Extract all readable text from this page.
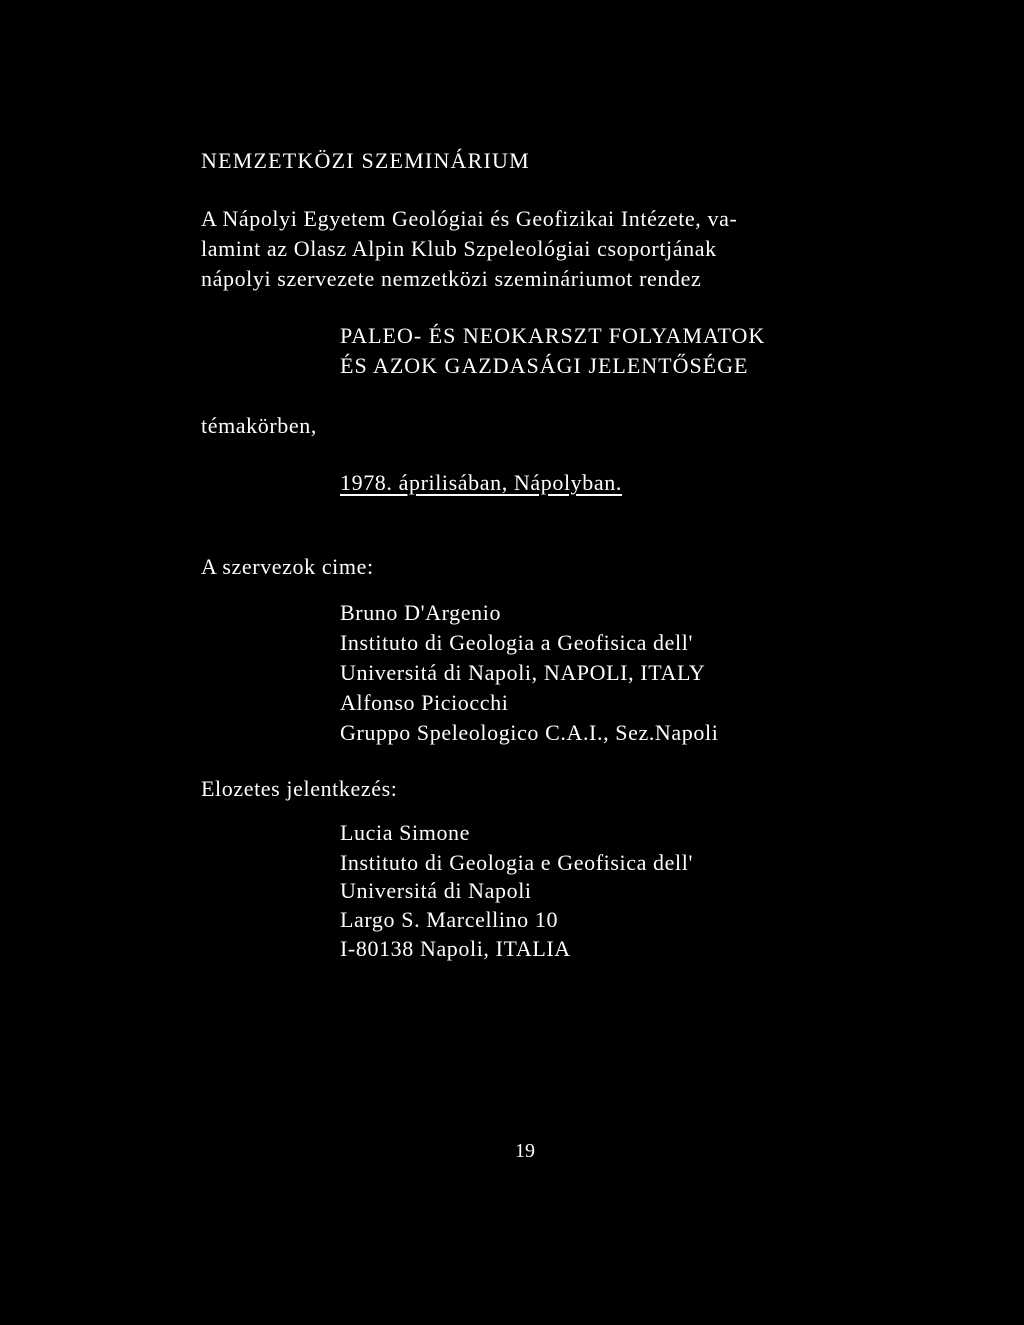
NEMZETKÖZI SZEMINÁRIUM
A Nápolyi Egyetem Geológiai és Geofizikai Intézete, va-
lamint az Olasz Alpin Klub Szpeleológiai csoportjának
nápolyi szervezete nemzetközi szemináriumot rendez
PALEO- ÉS NEOKARSZT FOLYAMATOK
ÉS AZOK GAZDASÁGI JELENTŐSÉGE
témakörben,
1978. áprilisában, Nápolyban.
A szervezok cime:
Bruno D'Argenio
Instituto di Geologia a Geofisica dell'
Universitá di Napoli, NAPOLI, ITALY
Alfonso Piciocchi
Gruppo Speleologico C.A.I., Sez.Napoli
Elozetes jelentkezés:
Lucia Simone
Instituto di Geologia e Geofisica dell'
Universitá di Napoli
Largo S. Marcellino 10
I-80138 Napoli, ITALIA
19
